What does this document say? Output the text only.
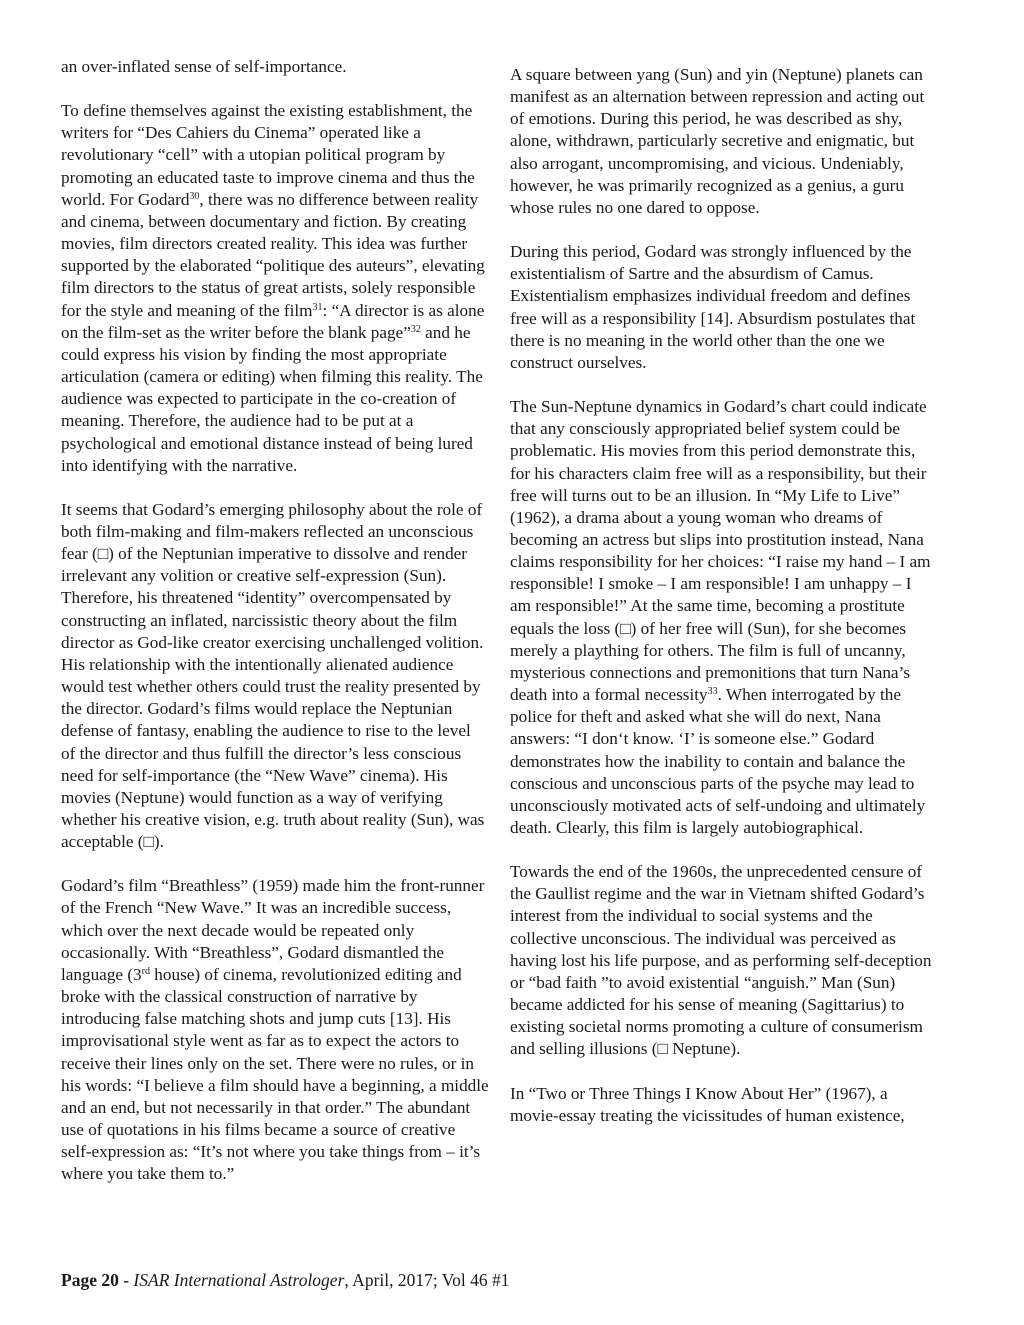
an over-inflated sense of self-importance.

To define themselves against the existing establishment, the writers for “Des Cahiers du Cinema” operated like a revolutionary “cell” with a utopian political program by promoting an educated taste to improve cinema and thus the world. For Godard$^{30}$, there was no difference between reality and cinema, between documentary and fiction. By creating movies, film directors created reality. This idea was further supported by the elaborated “politique des auteurs”, elevating film directors to the status of great artists, solely responsible for the style and meaning of the film$^{31}$: “A director is as alone on the film-set as the writer before the blank page”$^{32}$ and he could express his vision by finding the most appropriate articulation (camera or editing) when filming this reality. The audience was expected to participate in the co-creation of meaning. Therefore, the audience had to be put at a psychological and emotional distance instead of being lured into identifying with the narrative.

It seems that Godard’s emerging philosophy about the role of both film-making and film-makers reflected an unconscious fear (□) of the Neptunian imperative to dissolve and render irrelevant any volition or creative self-expression (Sun). Therefore, his threatened “identity” overcompensated by constructing an inflated, narcissistic theory about the film director as God-like creator exercising unchallenged volition. His relationship with the intentionally alienated audience would test whether others could trust the reality presented by the director. Godard’s films would replace the Neptunian defense of fantasy, enabling the audience to rise to the level of the director and thus fulfill the director’s less conscious need for self-importance (the “New Wave” cinema). His movies (Neptune) would function as a way of verifying whether his creative vision, e.g. truth about reality (Sun), was acceptable (□).

Godard’s film “Breathless” (1959) made him the front-runner of the French “New Wave.” It was an incredible success, which over the next decade would be repeated only occasionally. With “Breathless”, Godard dismantled the language (3rd house) of cinema, revolutionized editing and broke with the classical construction of narrative by introducing false matching shots and jump cuts [13]. His improvisational style went as far as to expect the actors to receive their lines only on the set. There were no rules, or in his words: “I believe a film should have a beginning, a middle and an end, but not necessarily in that order.” The abundant use of quotations in his films became a source of creative self-expression as: “It’s not where you take things from – it’s where you take them to.”

A square between yang (Sun) and yin (Neptune) planets can manifest as an alternation between repression and acting out of emotions. During this period, he was described as shy, alone, withdrawn, particularly secretive and enigmatic, but also arrogant, uncompromising, and vicious. Undeniably, however, he was primarily recognized as a genius, a guru whose rules no one dared to oppose.

During this period, Godard was strongly influenced by the existentialism of Sartre and the absurdism of Camus. Existentialism emphasizes individual freedom and defines free will as a responsibility [14]. Absurdism postulates that there is no meaning in the world other than the one we construct ourselves.

The Sun-Neptune dynamics in Godard’s chart could indicate that any consciously appropriated belief system could be problematic. His movies from this period demonstrate this, for his characters claim free will as a responsibility, but their free will turns out to be an illusion. In “My Life to Live” (1962), a drama about a young woman who dreams of becoming an actress but slips into prostitution instead, Nana claims responsibility for her choices: “I raise my hand – I am responsible! I smoke – I am responsible! I am unhappy – I am responsible!” At the same time, becoming a prostitute equals the loss (□) of her free will (Sun), for she becomes merely a plaything for others. The film is full of uncanny, mysterious connections and premonitions that turn Nana’s death into a formal necessity$^{33}$. When interrogated by the police for theft and asked what she will do next, Nana answers: “I don‘t know. ‘I’ is someone else.” Godard demonstrates how the inability to contain and balance the conscious and unconscious parts of the psyche may lead to unconsciously motivated acts of self-undoing and ultimately death. Clearly, this film is largely autobiographical.

Towards the end of the 1960s, the unprecedented censure of the Gaullist regime and the war in Vietnam shifted Godard’s interest from the individual to social systems and the collective unconscious. The individual was perceived as having lost his life purpose, and as performing self-deception or “bad faith ”to avoid existential “anguish.” Man (Sun) became addicted for his sense of meaning (Sagittarius) to existing societal norms promoting a culture of consumerism and selling illusions (□ Neptune).

In “Two or Three Things I Know About Her” (1967), a movie-essay treating the vicissitudes of human existence,

Page 20 - ISAR International Astrologer, April, 2017; Vol 46 #1
